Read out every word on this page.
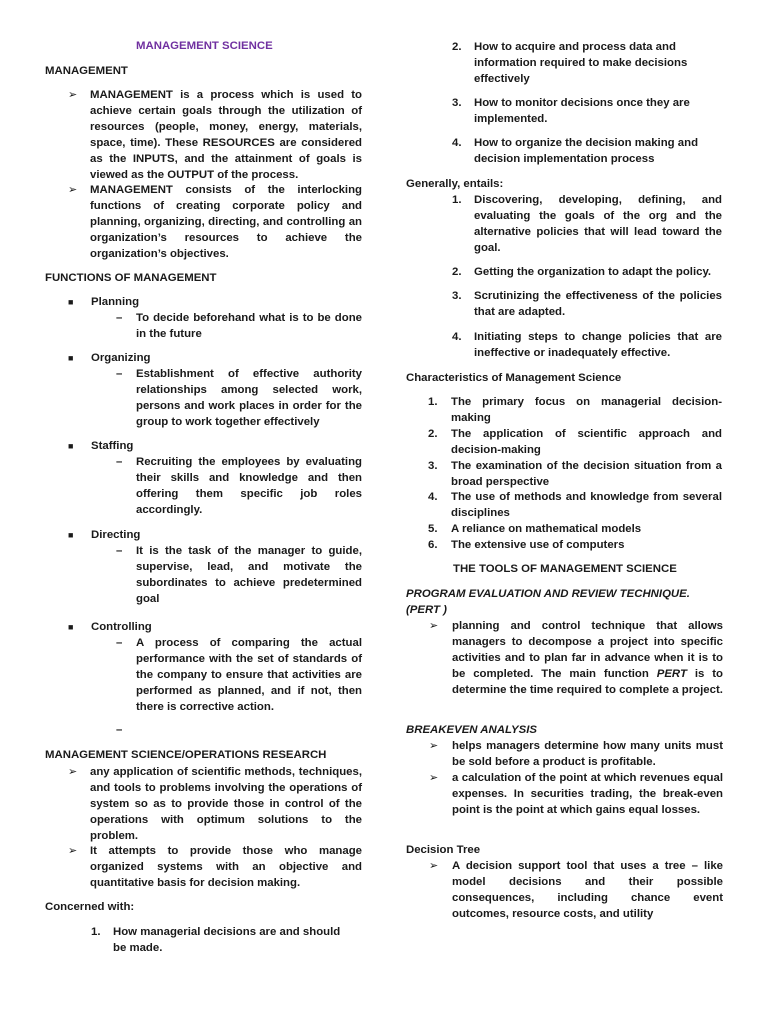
MANAGEMENT SCIENCE
MANAGEMENT
➢ MANAGEMENT is a process which is used to achieve certain goals through the utilization of resources (people, money, energy, materials, space, time). These RESOURCES are considered as the INPUTS, and the attainment of goals is viewed as the OUTPUT of the process.
➢ MANAGEMENT consists of the interlocking functions of creating corporate policy and planning, organizing, directing, and controlling an organization’s resources to achieve the organization’s objectives.
FUNCTIONS OF MANAGEMENT
■ Planning
– To decide beforehand what is to be done in the future
■ Organizing
– Establishment of effective authority relationships among selected work, persons and work places in order for the group to work together effectively
■ Staffing
– Recruiting the employees by evaluating their skills and knowledge and then offering them specific job roles accordingly.
■ Directing
– It is the task of the manager to guide, supervise, lead, and motivate the subordinates to achieve predetermined goal
■ Controlling
– A process of comparing the actual performance with the set of standards of the company to ensure that activities are performed as planned, and if not, then there is corrective action.
–
MANAGEMENT SCIENCE/OPERATIONS RESEARCH
➢ any application of scientific methods, techniques, and tools to problems involving the operations of system so as to provide those in control of the operations with optimum solutions to the problem.
➢ It attempts to provide those who manage organized systems with an objective and quantitative basis for decision making.
Concerned with:
1. How managerial decisions are and should be made.
2. How to acquire and process data and information required to make decisions effectively
3. How to monitor decisions once they are implemented.
4. How to organize the decision making and decision implementation process
Generally, entails:
1. Discovering, developing, defining, and evaluating the goals of the org and the alternative policies that will lead toward the goal.
2. Getting the organization to adapt the policy.
3. Scrutinizing the effectiveness of the policies that are adapted.
4. Initiating steps to change policies that are ineffective or inadequately effective.
Characteristics of Management Science
1. The primary focus on managerial decision-making
2. The application of scientific approach and decision-making
3. The examination of the decision situation from a broad perspective
4. The use of methods and knowledge from several disciplines
5. A reliance on mathematical models
6. The extensive use of computers
THE TOOLS OF MANAGEMENT SCIENCE
PROGRAM EVALUATION AND REVIEW TECHNIQUE.
(PERT )
➢ planning and control technique that allows managers to decompose a project into specific activities and to plan far in advance when it is to be completed. The main function PERT is to determine the time required to complete a project.
BREAKEVEN ANALYSIS
➢ helps managers determine how many units must be sold before a product is profitable.
➢ a calculation of the point at which revenues equal expenses. In securities trading, the break-even point is the point at which gains equal losses.
Decision Tree
➢ A decision support tool that uses a tree – like model decisions and their possible consequences, including chance event outcomes, resource costs, and utility
